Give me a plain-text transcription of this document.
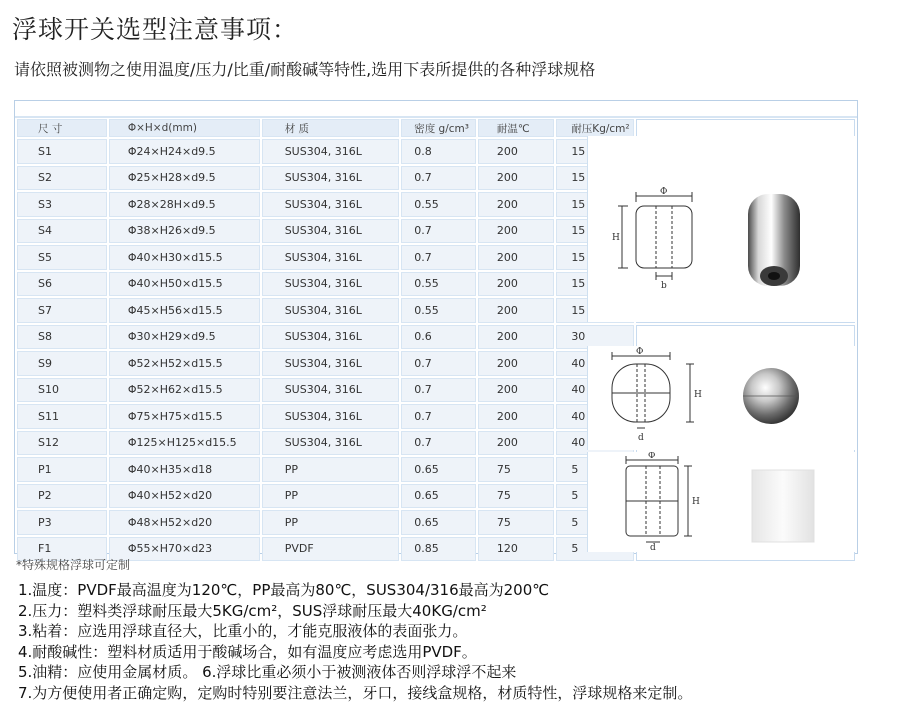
浮球开关选型注意事项：
请依照被测物之使用温度/压力/比重/耐酸碱等特性,选用下表所提供的各种浮球规格
尺 寸	Φ×H×d(mm)	材 质	密度 g/cm³	耐温℃	耐压Kg/cm²	
S1	Φ24×H24×d9.5	SUS304, 316L	0.8	200	15	
S2	Φ25×H28×d9.5	SUS304, 316L	0.7	200	15	
S3	Φ28×28H×d9.5	SUS304, 316L	0.55	200	15	
S4	Φ38×H26×d9.5	SUS304, 316L	0.7	200	15	
S5	Φ40×H30×d15.5	SUS304, 316L	0.7	200	15	
S6	Φ40×H50×d15.5	SUS304, 316L	0.55	200	15	
S7	Φ45×H56×d15.5	SUS304, 316L	0.55	200	15	
S8	Φ30×H29×d9.5	SUS304, 316L	0.6	200	30	
S9	Φ52×H52×d15.5	SUS304, 316L	0.7	200	40	
S10	Φ52×H62×d15.5	SUS304, 316L	0.7	200	40	
S11	Φ75×H75×d15.5	SUS304, 316L	0.7	200	40	
S12	Φ125×H125×d15.5	SUS304, 316L	0.7	200	40	
P1	Φ40×H35×d18	PP	0.65	75	5	
P2	Φ40×H52×d20	PP	0.65	75	5	
P3	Φ48×H52×d20	PP	0.65	75	5	
F1	Φ55×H70×d23	PVDF	0.85	120	5	
Φ
H
b
Φ
H
d
Φ
H
d
*特殊规格浮球可定制
1.温度：PVDF最高温度为120℃，PP最高为80℃，SUS304/316最高为200℃
2.压力：塑料类浮球耐压最大5KG/cm²，SUS浮球耐压最大40KG/cm²
3.粘着：应选用浮球直径大，比重小的，才能克服液体的表面张力。
4.耐酸碱性：塑料材质适用于酸碱场合，如有温度应考虑选用PVDF。
5.油精：应使用金属材质。 6.浮球比重必须小于被测液体否则浮球浮不起来
7.为方便使用者正确定购，定购时特别要注意法兰，牙口，接线盒规格，材质特性，浮球规格来定制。
